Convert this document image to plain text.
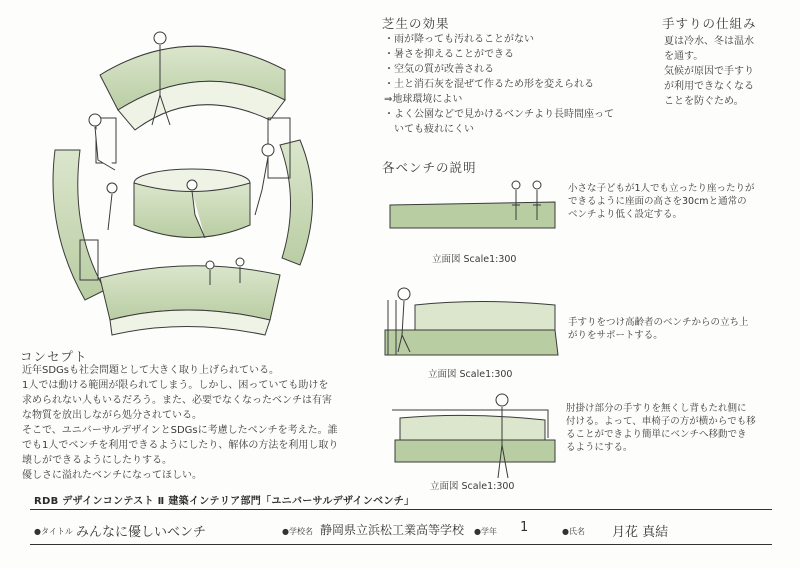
芝生の効果
・雨が降っても汚れることがない
・暑さを抑えることができる
・空気の質が改善される
・土と消石灰を混ぜて作るため形を変えられる
⇒地球環境によい
・よく公園などで見かけるベンチより長時間座って
　いても疲れにくい
手すりの仕組み
夏は冷水、冬は温水
を通す。
気候が原因で手すり
が利用できなくなる
ことを防ぐため。
各ベンチの説明
小さな子どもが1人でも立ったり座ったりが
できるように座面の高さを30cmと通常の
ベンチより低く設定する。
立面図 Scale1:300
手すりをつけ高齢者のベンチからの立ち上
がりをサポートする。
立面図 Scale1:300
肘掛け部分の手すりを無くし背もたれ側に
付ける。よって、車椅子の方が横からでも移
ることができより簡単にベンチへ移動でき
るようにする。
立面図 Scale1:300
コンセプト
近年SDGsも社会問題として大きく取り上げられている。
1人では動ける範囲が限られてしまう。しかし、困っていても助けを
求められない人もいるだろう。また、必要でなくなったベンチは有害
な物質を放出しながら処分されている。
そこで、ユニバーサルデザインとSDGsに考慮したベンチを考えた。誰
でも1人でベンチを利用できるようにしたり、解体の方法を利用し取り
壊しができるようにしたりする。
優しさに溢れたベンチになってほしい。
RDB デザインコンテスト Ⅱ 建築インテリア部門「ユニバーサルデザインベンチ」
●タイトル みんなに優しいベンチ	●学校名 静岡県立浜松工業高等学校 ●学年 1	●氏名 月花 真結
